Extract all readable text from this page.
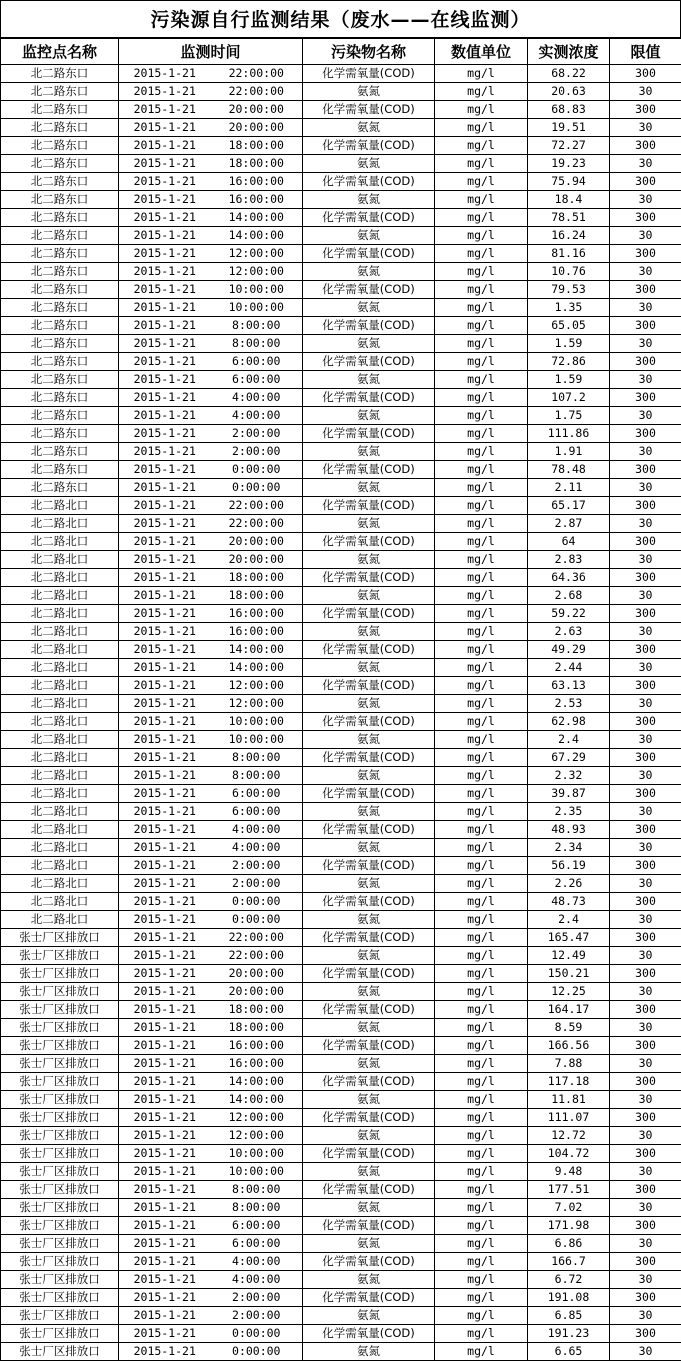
污染源自行监测结果（废水——在线监测）
监控点名称	监测时间		污染物名称	数值单位	实测浓度	限值
北二路东口	2015-1-21	22:00:00	化学需氧量(COD)	mg/l	68.22	300
北二路东口	2015-1-21	22:00:00	氨氮	mg/l	20.63	30
北二路东口	2015-1-21	20:00:00	化学需氧量(COD)	mg/l	68.83	300
北二路东口	2015-1-21	20:00:00	氨氮	mg/l	19.51	30
北二路东口	2015-1-21	18:00:00	化学需氧量(COD)	mg/l	72.27	300
北二路东口	2015-1-21	18:00:00	氨氮	mg/l	19.23	30
北二路东口	2015-1-21	16:00:00	化学需氧量(COD)	mg/l	75.94	300
北二路东口	2015-1-21	16:00:00	氨氮	mg/l	18.4	30
北二路东口	2015-1-21	14:00:00	化学需氧量(COD)	mg/l	78.51	300
北二路东口	2015-1-21	14:00:00	氨氮	mg/l	16.24	30
北二路东口	2015-1-21	12:00:00	化学需氧量(COD)	mg/l	81.16	300
北二路东口	2015-1-21	12:00:00	氨氮	mg/l	10.76	30
北二路东口	2015-1-21	10:00:00	化学需氧量(COD)	mg/l	79.53	300
北二路东口	2015-1-21	10:00:00	氨氮	mg/l	1.35	30
北二路东口	2015-1-21	8:00:00	化学需氧量(COD)	mg/l	65.05	300
北二路东口	2015-1-21	8:00:00	氨氮	mg/l	1.59	30
北二路东口	2015-1-21	6:00:00	化学需氧量(COD)	mg/l	72.86	300
北二路东口	2015-1-21	6:00:00	氨氮	mg/l	1.59	30
北二路东口	2015-1-21	4:00:00	化学需氧量(COD)	mg/l	107.2	300
北二路东口	2015-1-21	4:00:00	氨氮	mg/l	1.75	30
北二路东口	2015-1-21	2:00:00	化学需氧量(COD)	mg/l	111.86	300
北二路东口	2015-1-21	2:00:00	氨氮	mg/l	1.91	30
北二路东口	2015-1-21	0:00:00	化学需氧量(COD)	mg/l	78.48	300
北二路东口	2015-1-21	0:00:00	氨氮	mg/l	2.11	30
北二路北口	2015-1-21	22:00:00	化学需氧量(COD)	mg/l	65.17	300
北二路北口	2015-1-21	22:00:00	氨氮	mg/l	2.87	30
北二路北口	2015-1-21	20:00:00	化学需氧量(COD)	mg/l	64	300
北二路北口	2015-1-21	20:00:00	氨氮	mg/l	2.83	30
北二路北口	2015-1-21	18:00:00	化学需氧量(COD)	mg/l	64.36	300
北二路北口	2015-1-21	18:00:00	氨氮	mg/l	2.68	30
北二路北口	2015-1-21	16:00:00	化学需氧量(COD)	mg/l	59.22	300
北二路北口	2015-1-21	16:00:00	氨氮	mg/l	2.63	30
北二路北口	2015-1-21	14:00:00	化学需氧量(COD)	mg/l	49.29	300
北二路北口	2015-1-21	14:00:00	氨氮	mg/l	2.44	30
北二路北口	2015-1-21	12:00:00	化学需氧量(COD)	mg/l	63.13	300
北二路北口	2015-1-21	12:00:00	氨氮	mg/l	2.53	30
北二路北口	2015-1-21	10:00:00	化学需氧量(COD)	mg/l	62.98	300
北二路北口	2015-1-21	10:00:00	氨氮	mg/l	2.4	30
北二路北口	2015-1-21	8:00:00	化学需氧量(COD)	mg/l	67.29	300
北二路北口	2015-1-21	8:00:00	氨氮	mg/l	2.32	30
北二路北口	2015-1-21	6:00:00	化学需氧量(COD)	mg/l	39.87	300
北二路北口	2015-1-21	6:00:00	氨氮	mg/l	2.35	30
北二路北口	2015-1-21	4:00:00	化学需氧量(COD)	mg/l	48.93	300
北二路北口	2015-1-21	4:00:00	氨氮	mg/l	2.34	30
北二路北口	2015-1-21	2:00:00	化学需氧量(COD)	mg/l	56.19	300
北二路北口	2015-1-21	2:00:00	氨氮	mg/l	2.26	30
北二路北口	2015-1-21	0:00:00	化学需氧量(COD)	mg/l	48.73	300
北二路北口	2015-1-21	0:00:00	氨氮	mg/l	2.4	30
张士厂区排放口	2015-1-21	22:00:00	化学需氧量(COD)	mg/l	165.47	300
张士厂区排放口	2015-1-21	22:00:00	氨氮	mg/l	12.49	30
张士厂区排放口	2015-1-21	20:00:00	化学需氧量(COD)	mg/l	150.21	300
张士厂区排放口	2015-1-21	20:00:00	氨氮	mg/l	12.25	30
张士厂区排放口	2015-1-21	18:00:00	化学需氧量(COD)	mg/l	164.17	300
张士厂区排放口	2015-1-21	18:00:00	氨氮	mg/l	8.59	30
张士厂区排放口	2015-1-21	16:00:00	化学需氧量(COD)	mg/l	166.56	300
张士厂区排放口	2015-1-21	16:00:00	氨氮	mg/l	7.88	30
张士厂区排放口	2015-1-21	14:00:00	化学需氧量(COD)	mg/l	117.18	300
张士厂区排放口	2015-1-21	14:00:00	氨氮	mg/l	11.81	30
张士厂区排放口	2015-1-21	12:00:00	化学需氧量(COD)	mg/l	111.07	300
张士厂区排放口	2015-1-21	12:00:00	氨氮	mg/l	12.72	30
张士厂区排放口	2015-1-21	10:00:00	化学需氧量(COD)	mg/l	104.72	300
张士厂区排放口	2015-1-21	10:00:00	氨氮	mg/l	9.48	30
张士厂区排放口	2015-1-21	8:00:00	化学需氧量(COD)	mg/l	177.51	300
张士厂区排放口	2015-1-21	8:00:00	氨氮	mg/l	7.02	30
张士厂区排放口	2015-1-21	6:00:00	化学需氧量(COD)	mg/l	171.98	300
张士厂区排放口	2015-1-21	6:00:00	氨氮	mg/l	6.86	30
张士厂区排放口	2015-1-21	4:00:00	化学需氧量(COD)	mg/l	166.7	300
张士厂区排放口	2015-1-21	4:00:00	氨氮	mg/l	6.72	30
张士厂区排放口	2015-1-21	2:00:00	化学需氧量(COD)	mg/l	191.08	300
张士厂区排放口	2015-1-21	2:00:00	氨氮	mg/l	6.85	30
张士厂区排放口	2015-1-21	0:00:00	化学需氧量(COD)	mg/l	191.23	300
张士厂区排放口	2015-1-21	0:00:00	氨氮	mg/l	6.65	30
